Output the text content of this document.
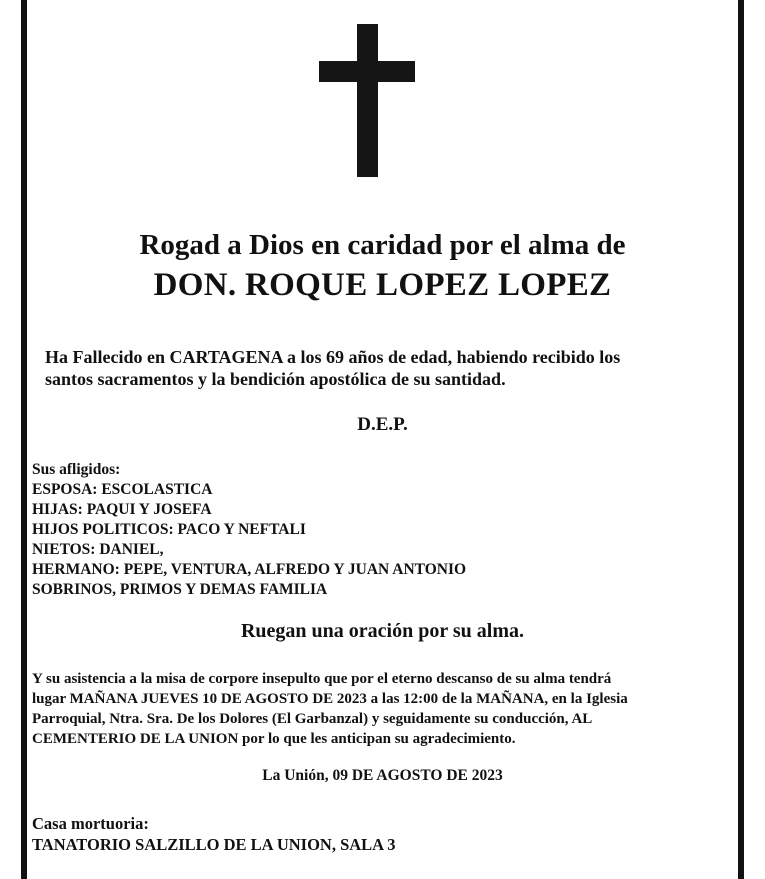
Rogad a Dios en caridad por el alma de
DON. ROQUE LOPEZ LOPEZ
Ha Fallecido en CARTAGENA a los 69 años de edad, habiendo recibido los
santos sacramentos y la bendición apostólica de su santidad.
D.E.P.
Sus afligidos:
ESPOSA: ESCOLASTICA
HIJAS: PAQUI Y JOSEFA
HIJOS POLITICOS: PACO Y NEFTALI
NIETOS: DANIEL,
HERMANO: PEPE, VENTURA, ALFREDO Y JUAN ANTONIO
SOBRINOS, PRIMOS Y DEMAS FAMILIA
Ruegan una oración por su alma.
Y su asistencia a la misa de corpore insepulto que por el eterno descanso de su alma tendrá
lugar MAÑANA JUEVES 10 DE AGOSTO DE 2023 a las 12:00 de la MAÑANA, en la Iglesia
Parroquial, Ntra. Sra. De los Dolores (El Garbanzal) y seguidamente su conducción, AL
CEMENTERIO DE LA UNION por lo que les anticipan su agradecimiento.
La Unión, 09 DE AGOSTO DE 2023
Casa mortuoria:
TANATORIO SALZILLO DE LA UNION, SALA 3
